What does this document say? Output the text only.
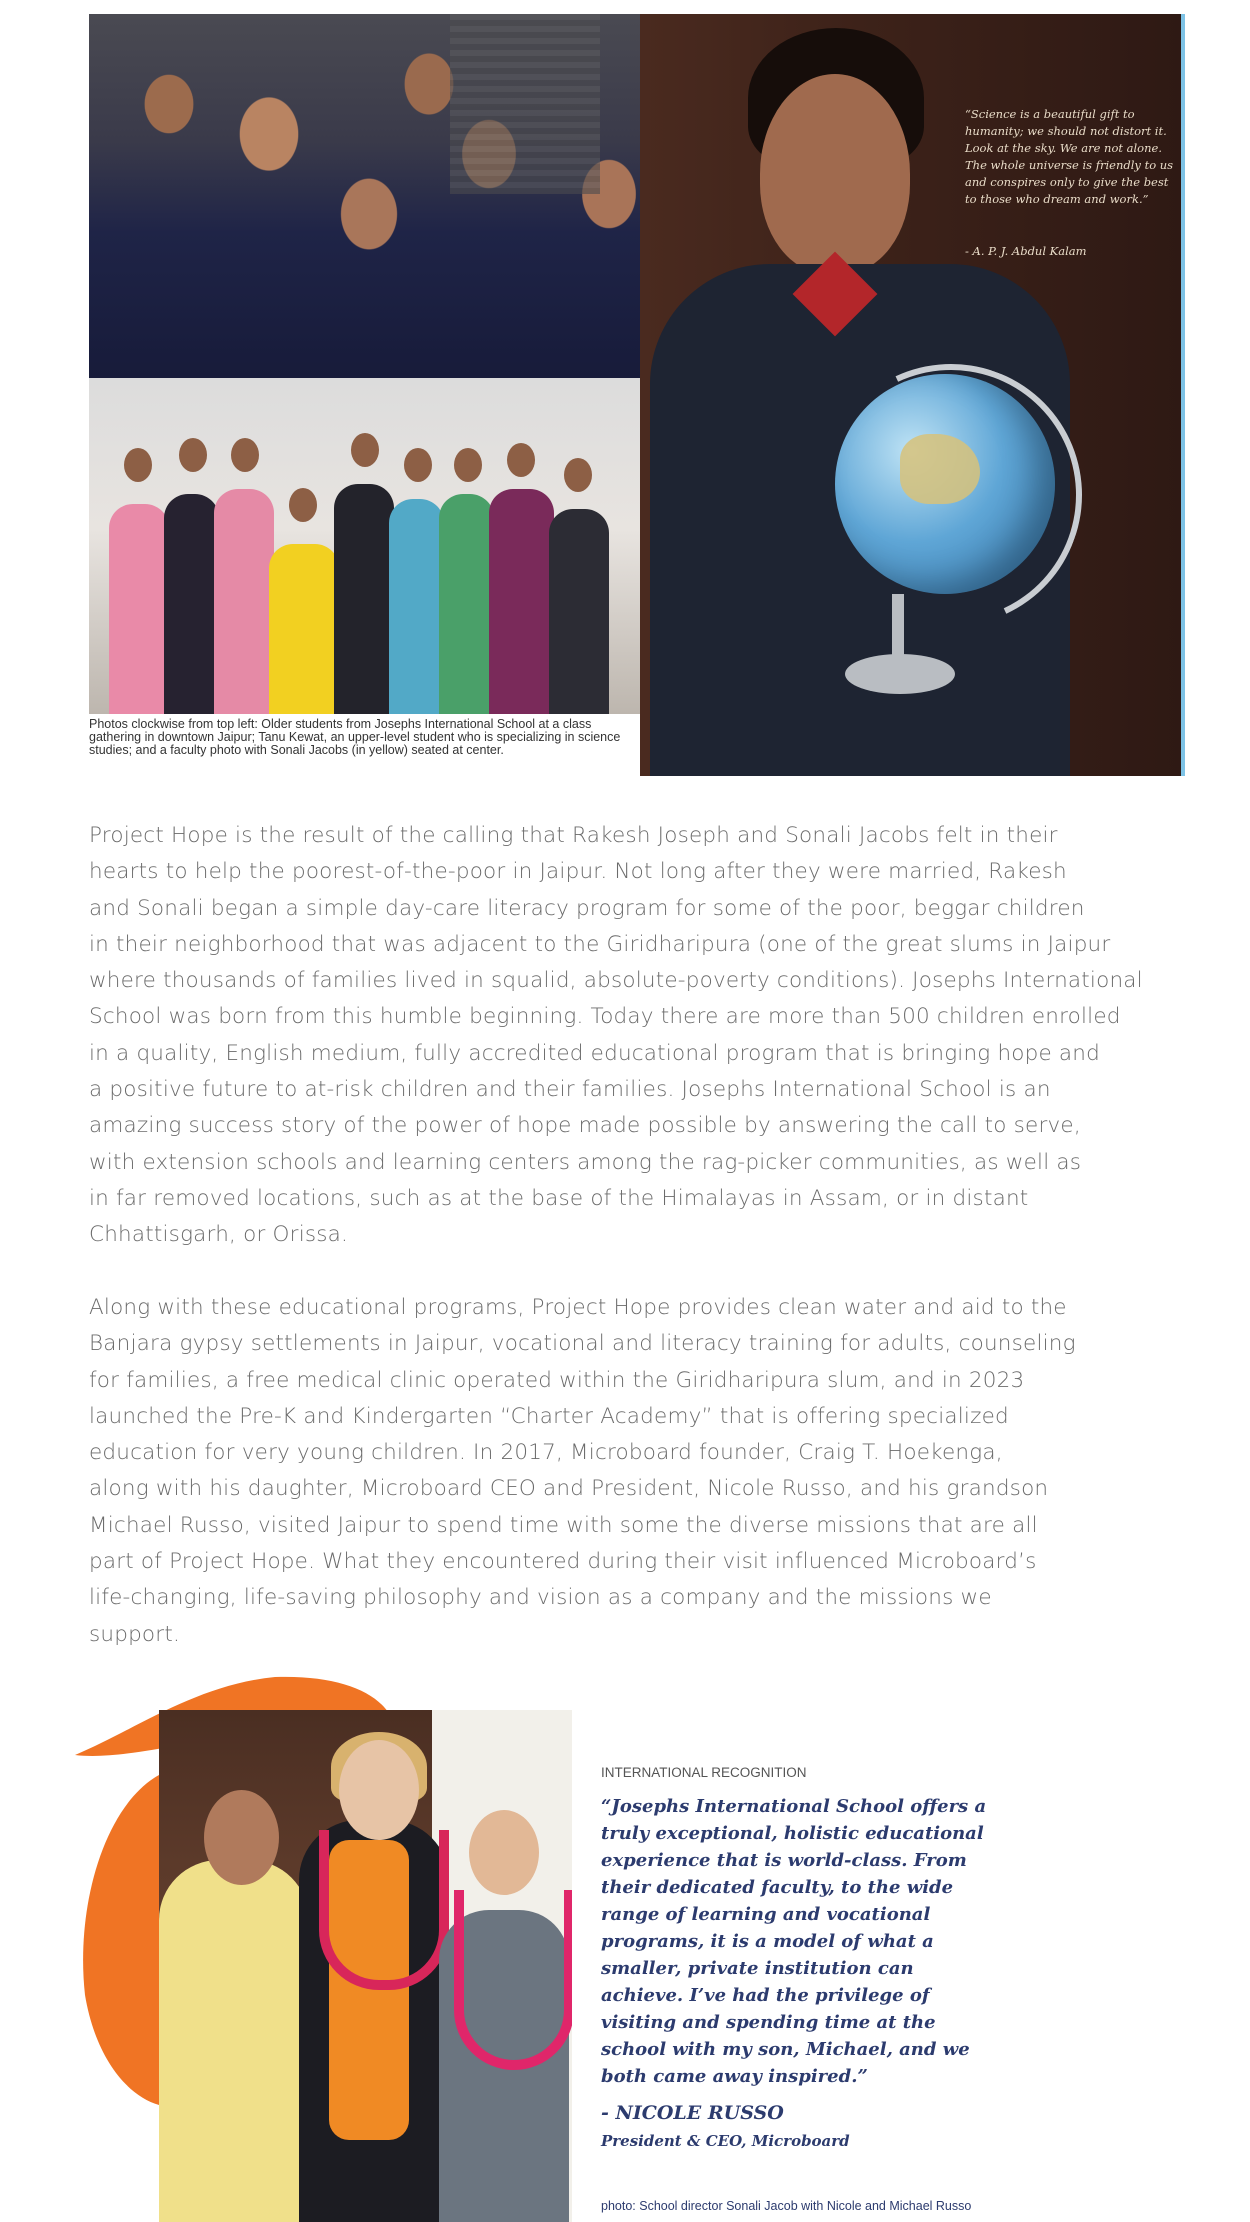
“Science is a beautiful gift to humanity; we should not distort it. Look at the sky. We are not alone. The whole universe is friendly to us and conspires only to give the best to those who dream and work.”
- A. P. J. Abdul Kalam
Photos clockwise from top left: Older students from Josephs International School at a class gathering in downtown Jaipur; Tanu Kewat, an upper-level student who is specializing in science studies; and a faculty photo with Sonali Jacobs (in yellow) seated at center.

Project Hope is the result of the calling that Rakesh Joseph and Sonali Jacobs felt in their
hearts to help the poorest-of-the-poor in Jaipur. Not long after they were married, Rakesh
and Sonali began a simple day-care literacy program for some of the poor, beggar children
in their neighborhood that was adjacent to the Giridharipura (one of the great slums in Jaipur
where thousands of families lived in squalid, absolute-poverty conditions). Josephs International
School was born from this humble beginning. Today there are more than 500 children enrolled
in a quality, English medium, fully accredited educational program that is bringing hope and
a positive future to at-risk children and their families. Josephs International School is an
amazing success story of the power of hope made possible by answering the call to serve,
with extension schools and learning centers among the rag-picker communities, as well as
in far removed locations, such as at the base of the Himalayas in Assam, or in distant
Chhattisgarh, or Orissa.

Along with these educational programs, Project Hope provides clean water and aid to the
Banjara gypsy settlements in Jaipur, vocational and literacy training for adults, counseling
for families, a free medical clinic operated within the Giridharipura slum, and in 2023
launched the Pre-K and Kindergarten “Charter Academy” that is offering specialized
education for very young children. In 2017, Microboard founder, Craig T. Hoekenga,
along with his daughter, Microboard CEO and President, Nicole Russo, and his grandson
Michael Russo, visited Jaipur to spend time with some the diverse missions that are all
part of Project Hope. What they encountered during their visit influenced Microboard’s
life-changing, life-saving philosophy and vision as a company and the missions we
support.

INTERNATIONAL RECOGNITION

“Josephs International School offers a truly exceptional, holistic educational experience that is world-class. From their dedicated faculty, to the wide range of learning and vocational programs, it is a model of what a smaller, private institution can achieve. I’ve had the privilege of visiting and spending time at the school with my son, Michael, and we both came away inspired.”

- NICOLE RUSSO
President & CEO, Microboard
photo: School director Sonali Jacob with Nicole and Michael Russo
